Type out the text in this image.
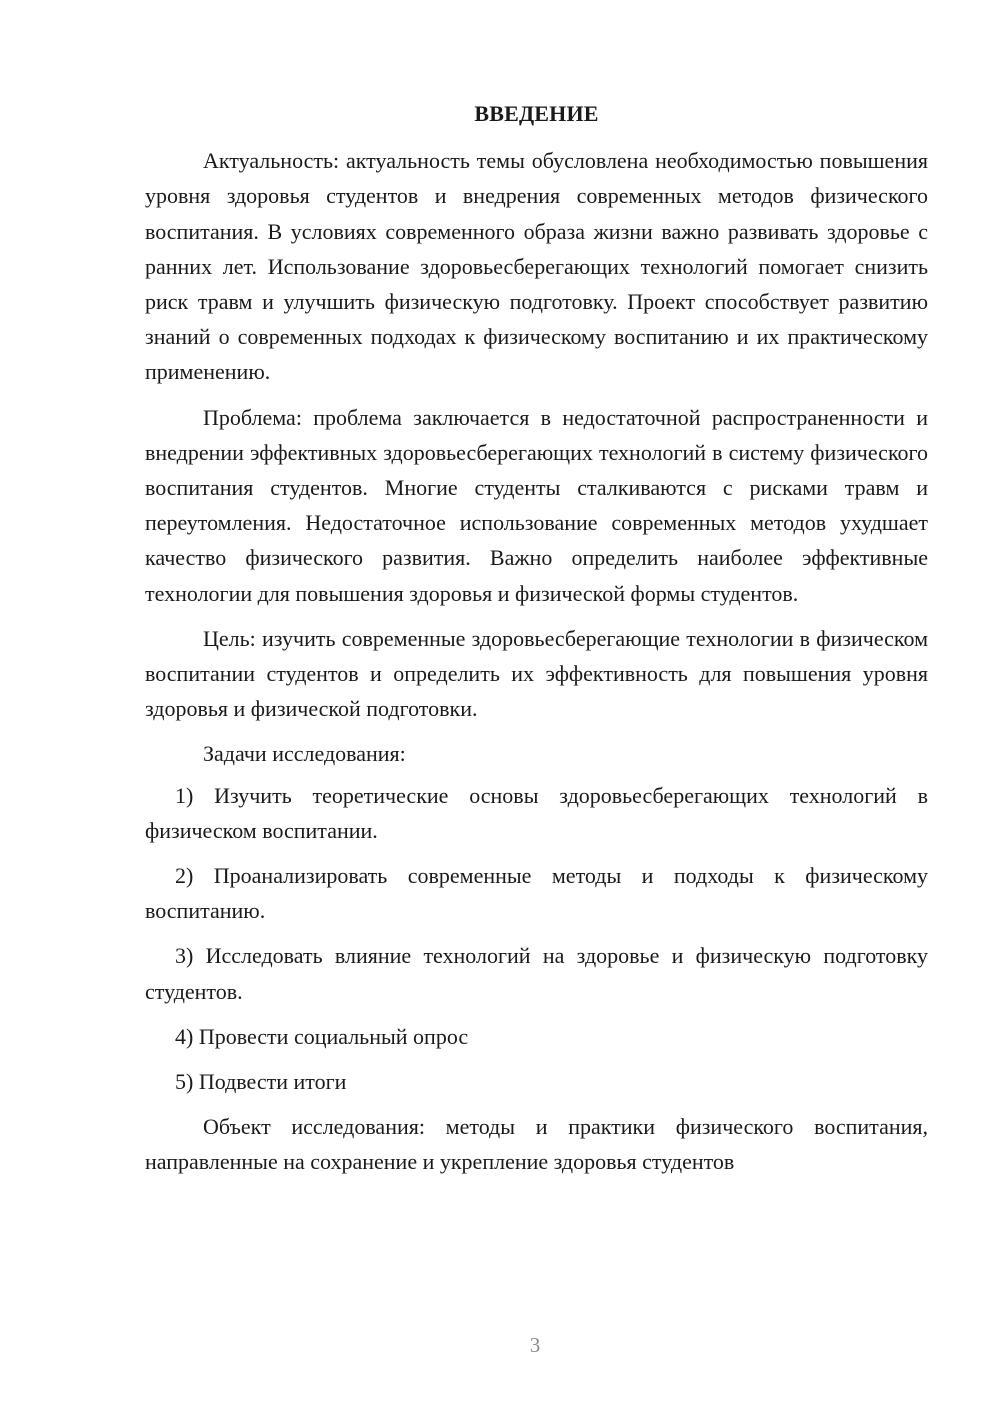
ВВЕДЕНИЕ

Актуальность: актуальность темы обусловлена необходимостью повышения уровня здоровья студентов и внедрения современных методов физического воспитания. В условиях современного образа жизни важно развивать здоровье с ранних лет. Использование здоровьесберегающих технологий помогает снизить риск травм и улучшить физическую подготовку. Проект способствует развитию знаний о современных подходах к физическому воспитанию и их практическому применению.

Проблема: проблема заключается в недостаточной распространенности и внедрении эффективных здоровьесберегающих технологий в систему физического воспитания студентов. Многие студенты сталкиваются с рисками травм и переутомления. Недостаточное использование современных методов ухудшает качество физического развития. Важно определить наиболее эффективные технологии для повышения здоровья и физической формы студентов.

Цель: изучить современные здоровьесберегающие технологии в физическом воспитании студентов и определить их эффективность для повышения уровня здоровья и физической подготовки.

Задачи исследования:

1) Изучить теоретические основы здоровьесберегающих технологий в физическом воспитании.

2) Проанализировать современные методы и подходы к физическому воспитанию.

3) Исследовать влияние технологий на здоровье и физическую подготовку студентов.

4) Провести социальный опрос

5) Подвести итоги

Объект исследования: методы и практики физического воспитания, направленные на сохранение и укрепление здоровья студентов

3
